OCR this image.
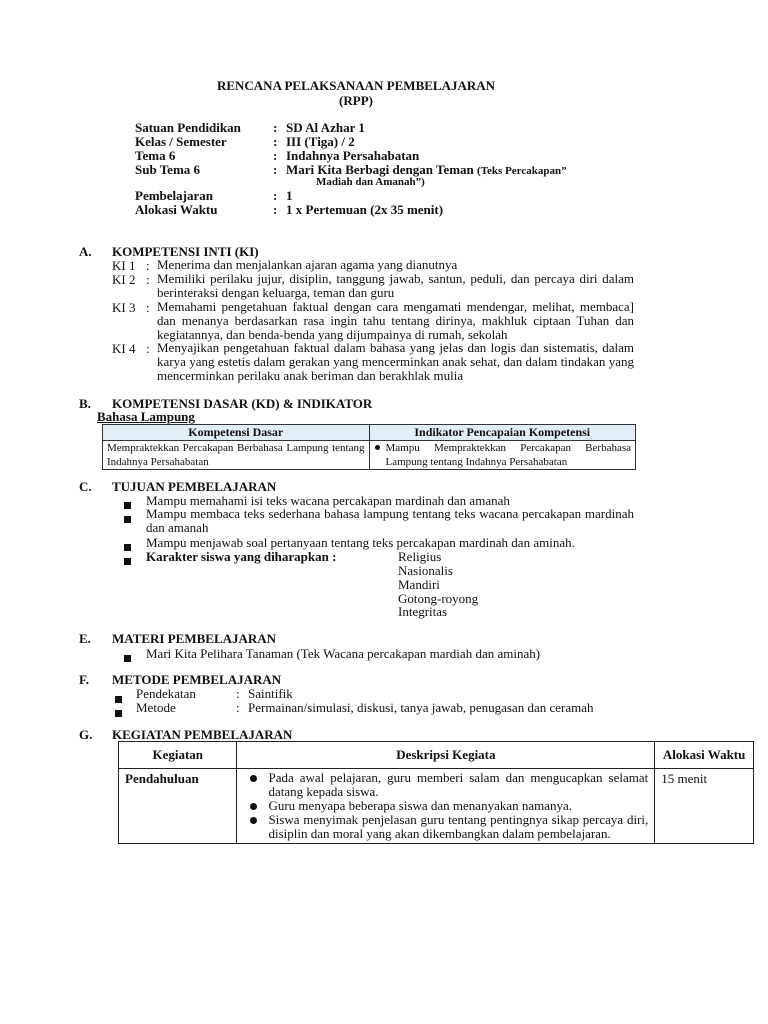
RENCANA PELAKSANAAN PEMBELAJARAN
(RPP)
Satuan Pendidikan : SD Al Azhar 1
Kelas / Semester	: III (Tiga) / 2
Tema 6	: Indahnya Persahabatan
Sub Tema 6	: Mari Kita Berbagi dengan Teman (Teks Percakapan”
Madiah dan Amanah”)
Pembelajaran	: 1
Alokasi Waktu	: 1 x Pertemuan (2x 35 menit)
A. KOMPETENSI INTI (KI)
KI 1 : Menerima dan menjalankan ajaran agama yang dianutnya
KI 2 : Memiliki perilaku jujur, disiplin, tanggung jawab, santun, peduli, dan percaya diri dalam berinteraksi dengan keluarga, teman dan guru
KI 3 : Memahami pengetahuan faktual dengan cara mengamati mendengar, melihat, membaca] dan menanya berdasarkan rasa ingin tahu tentang dirinya, makhluk ciptaan Tuhan dan kegiatannya, dan benda-benda yang dijumpainya di rumah, sekolah
KI 4 : Menyajikan pengetahuan faktual dalam bahasa yang jelas dan logis dan sistematis, dalam karya yang estetis dalam gerakan yang mencerminkan anak sehat, dan dalam tindakan yang mencerminkan perilaku anak beriman dan berakhlak mulia
B. KOMPETENSI DASAR (KD) & INDIKATOR
Bahasa Lampung
Kompetensi Dasar	Indikator Pencapaian Kompetensi
Mempraktekkan Percakapan Berbahasa Lampung tentang Indahnya Persahabatan	Mampu Mempraktekkan Percakapan Berbahasa Lampung tentang Indahnya Persahabatan
C. TUJUAN PEMBELAJARAN
Mampu memahami isi teks wacana percakapan mardinah dan amanah
Mampu membaca teks sederhana bahasa lampung tentang teks wacana percakapan mardinah dan amanah
Mampu menjawab soal pertanyaan tentang teks percakapan mardinah dan aminah.
Karakter siswa yang diharapkan :	Religius
Nasionalis
Mandiri
Gotong-royong
Integritas
E. MATERI PEMBELAJARAN
Mari Kita Pelihara Tanaman (Tek Wacana percakapan mardiah dan aminah)
F. METODE PEMBELAJARAN
Pendekatan	: Saintifik
Metode	: Permainan/simulasi, diskusi, tanya jawab, penugasan dan ceramah
G. KEGIATAN PEMBELAJARAN
Kegiatan	Deskripsi Kegiata	Alokasi Waktu
Pendahuluan	Pada awal pelajaran, guru memberi salam dan mengucapkan selamat datang kepada siswa.
Guru menyapa beberapa siswa dan menanyakan namanya.
Siswa menyimak penjelasan guru tentang pentingnya sikap percaya diri, disiplin dan moral yang akan dikembangkan dalam pembelajaran.	15 menit
